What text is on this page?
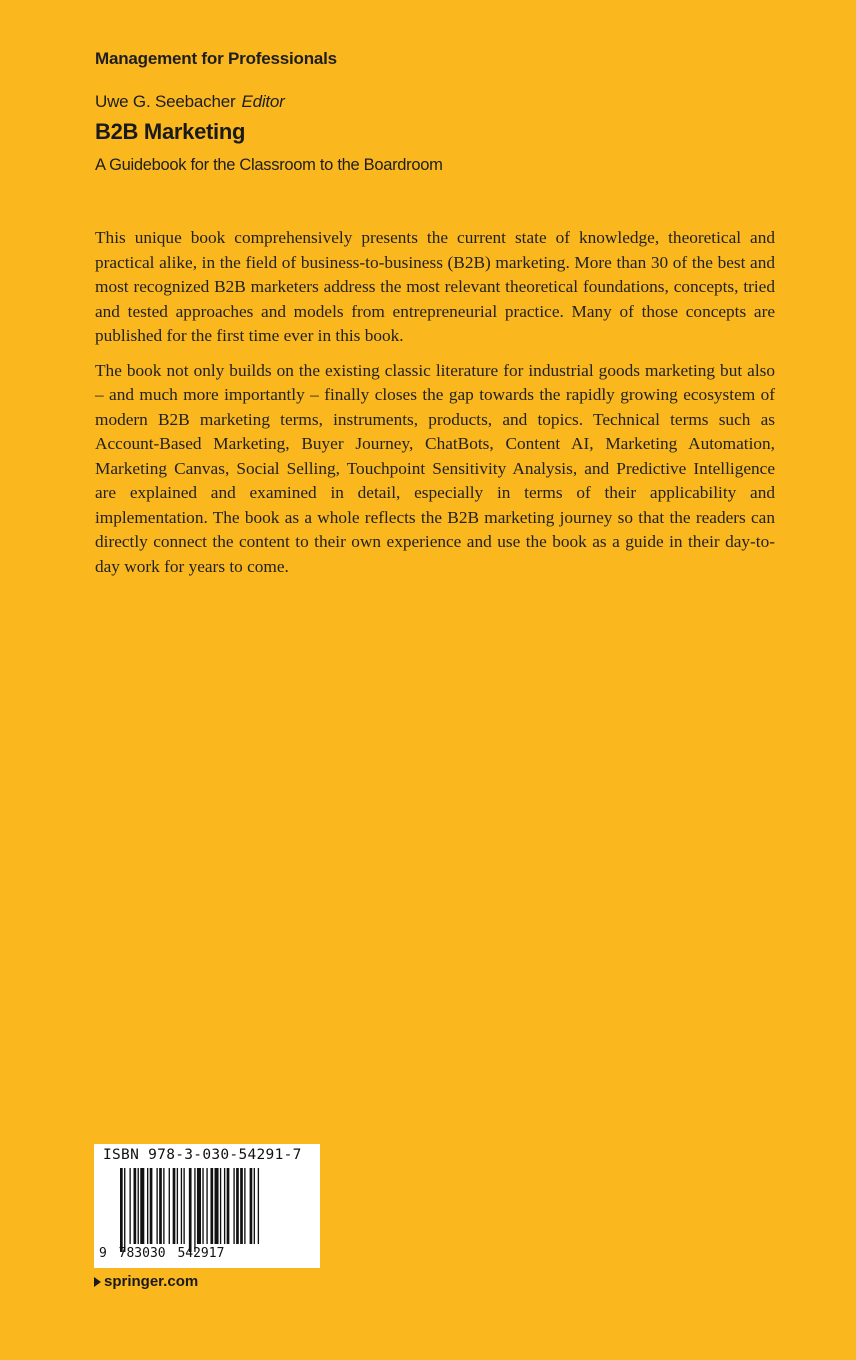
Management for Professionals
Uwe G. Seebacher Editor
B2B Marketing
A Guidebook for the Classroom to the Boardroom

This unique book comprehensively presents the current state of knowledge, theoretical and practical alike, in the field of business-to-business (B2B) marketing. More than 30 of the best and most recognized B2B marketers address the most relevant theoretical foundations, concepts, tried and tested approaches and models from entrepreneurial practice. Many of those concepts are published for the first time ever in this book.

The book not only builds on the existing classic literature for industrial goods marketing but also – and much more importantly – finally closes the gap towards the rapidly growing ecosystem of modern B2B marketing terms, instruments, products, and topics. Technical terms such as Account-Based Marketing, Buyer Journey, ChatBots, Content AI, Marketing Automation, Marketing Canvas, Social Selling, Touchpoint Sensitivity Analysis, and Predictive Intelligence are explained and examined in detail, especially in terms of their applicability and implementation. The book as a whole reflects the B2B marketing journey so that the readers can directly connect the content to their own experience and use the book as a guide in their day-to-day work for years to come.

ISBN 978-3-030-54291-7
9 783030 542917
springer.com
